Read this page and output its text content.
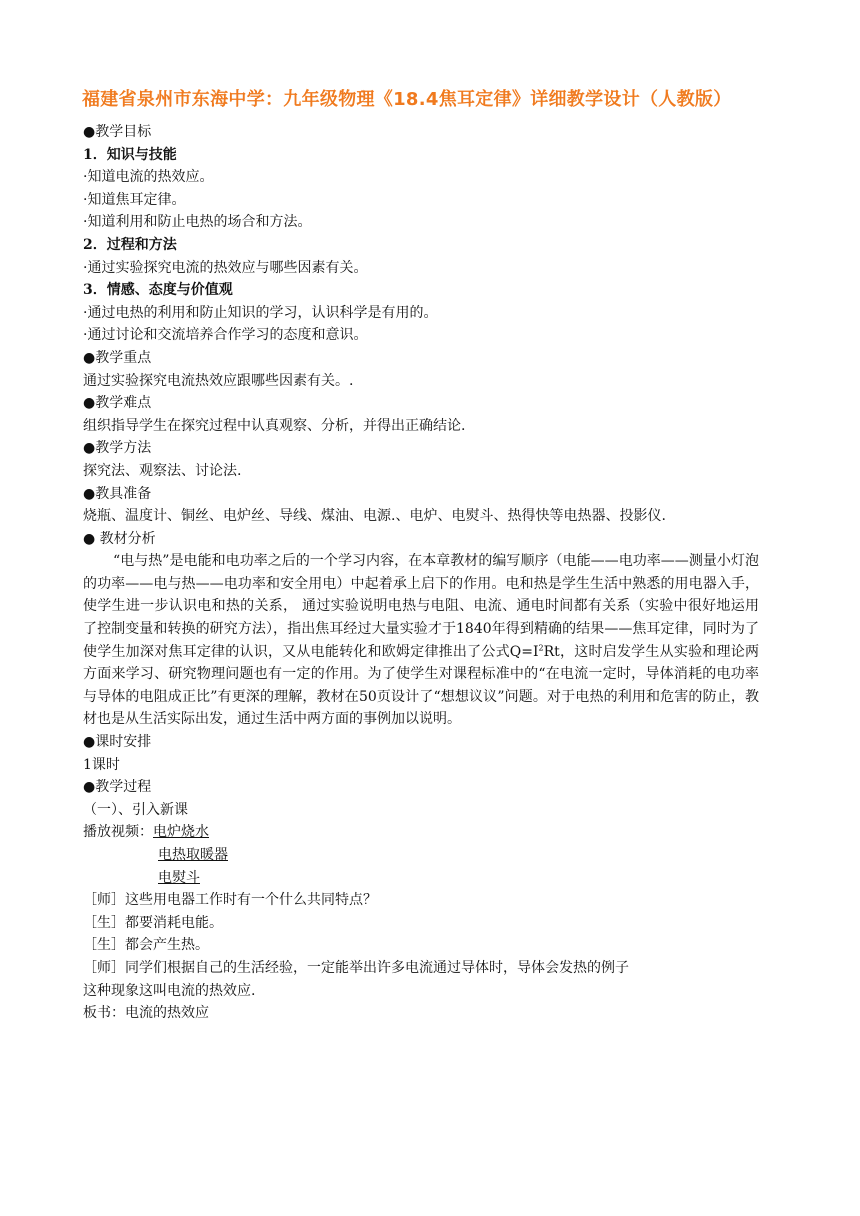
福建省泉州市东海中学：九年级物理《18.4焦耳定律》详细教学设计（人教版）
●教学目标
1．知识与技能
·知道电流的热效应。
·知道焦耳定律。
·知道利用和防止电热的场合和方法。
2．过程和方法
·通过实验探究电流的热效应与哪些因素有关。
3．情感、态度与价值观
·通过电热的利用和防止知识的学习，认识科学是有用的。
·通过讨论和交流培养合作学习的态度和意识。
●教学重点
通过实验探究电流热效应跟哪些因素有关。.
●教学难点
组织指导学生在探究过程中认真观察、分析，并得出正确结论.
●教学方法
探究法、观察法、讨论法.
●教具准备
烧瓶、温度计、铜丝、电炉丝、导线、煤油、电源.、电炉、电熨斗、热得快等电热器、投影仪.
● 教材分析
“电与热”是电能和电功率之后的一个学习内容，在本章教材的编写顺序（电能——电功率——测量小灯泡的功率——电与热——电功率和安全用电）中起着承上启下的作用。电和热是学生生活中熟悉的用电器入手，使学生进一步认识电和热的关系， 通过实验说明电热与电阻、电流、通电时间都有关系（实验中很好地运用了控制变量和转换的研究方法），指出焦耳经过大量实验才于1840年得到精确的结果——焦耳定律，同时为了使学生加深对焦耳定律的认识，又从电能转化和欧姆定律推出了公式$Q=I^2Rt$，这时启发学生从实验和理论两方面来学习、研究物理问题也有一定的作用。为了使学生对课程标准中的“在电流一定时，导体消耗的电功率与导体的电阻成正比”有更深的理解，教材在50页设计了“想想议议”问题。对于电热的利用和危害的防止，教材也是从生活实际出发，通过生活中两方面的事例加以说明。
●课时安排
1课时
●教学过程
（一）、引入新课
播放视频：电炉烧水
电热取暖器
电熨斗
［师］这些用电器工作时有一个什么共同特点？
［生］都要消耗电能。
［生］都会产生热。
［师］同学们根据自己的生活经验，一定能举出许多电流通过导体时，导体会发热的例子
这种现象这叫电流的热效应.
板书：电流的热效应
